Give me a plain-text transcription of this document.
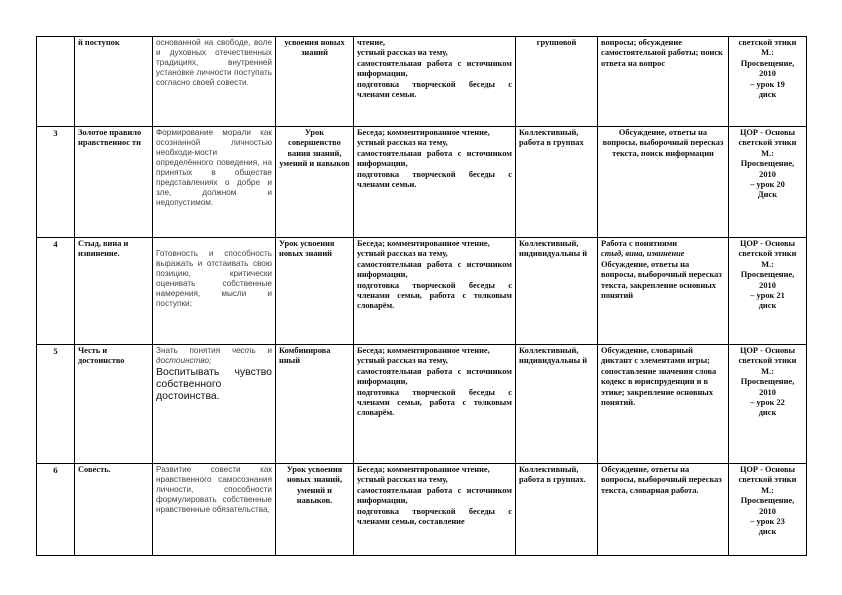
	й поступок	основанной на свободе, воле и духовных отечественных традициях, внутренней установке личности поступать согласно своей совести.	усвоения новых знаний	чтение,
устный рассказ на тему,
самостоятельная работа с источником информации,
подготовка творческой беседы с членами семьи.	групповой	вопросы; обсуждение самостоятельной работы; поиск ответа на вопрос	светской этики М.:
Просвещение, 2010
– урок 19
диск

3	Золотое правило нравственнос ти	Формирование морали как осознанной личностью необходи-мости определённого поведения, на принятых в обществе представлениях о добре и зле, должном и недопустимом.	Урок совершенство вания знаний, умений и навыков	Беседа; комментированное чтение,
устный рассказ на тему,
самостоятельная работа с источником информации,
подготовка творческой беседы с членами семьи.	Коллективный, работа в группах	Обсуждение, ответы на вопросы, выборочный пересказ текста, поиск информации	ЦОР - Основы
светской этики М.:
Просвещение, 2010
– урок 20
Диск

4	Стыд, вина и извинение.	Готовность и способность выражать и отстаивать свою позицию, критически оценивать собственные намерения, мысли и поступки;	Урок усвоения новых знаний	Беседа; комментированное чтение,
устный рассказ на тему,
самостоятельная работа с источником информации,
подготовка творческой беседы с членами семьи, работа с толковым словарём.	Коллективный, индивидуальны й	Работа с понятиями
стыд, вина, извинение
Обсуждение, ответы на вопросы, выборочный пересказ текста, закрепление основных понятий	ЦОР - Основы
светской этики М.:
Просвещение, 2010
– урок 21
диск

5	Честь и достоинство	Знать понятия честь и достоинство;
Воспитывать чувство собственного достоинства.	Комбинирова нный	Беседа; комментированное чтение,
устный рассказ на тему,
самостоятельная работа с источником информации,
подготовка творческой беседы с членами семьи, работа с толковым словарём.	Коллективный, индивидуальны й	Обсуждение, словарный диктант с элементами игры; сопоставление значения слова кодекс в юриспруденции и в этике; закрепление основных понятий.	ЦОР - Основы
светской этики М.:
Просвещение, 2010
– урок 22
диск

6	Совесть.	Развитие совести как нравственного самосознания личности, способности формулировать собственные нравственные обязательства,	Урок усвоения новых знаний, умений и навыков.	Беседа; комментированное чтение,
устный рассказ на тему,
самостоятельная работа с источником информации,
подготовка творческой беседы с членами семьи, составление	Коллективный, работа в группах.	Обсуждение, ответы на вопросы, выборочный пересказ текста, словарная работа.	ЦОР - Основы
светской этики М.:
Просвещение, 2010
– урок 23
диск
